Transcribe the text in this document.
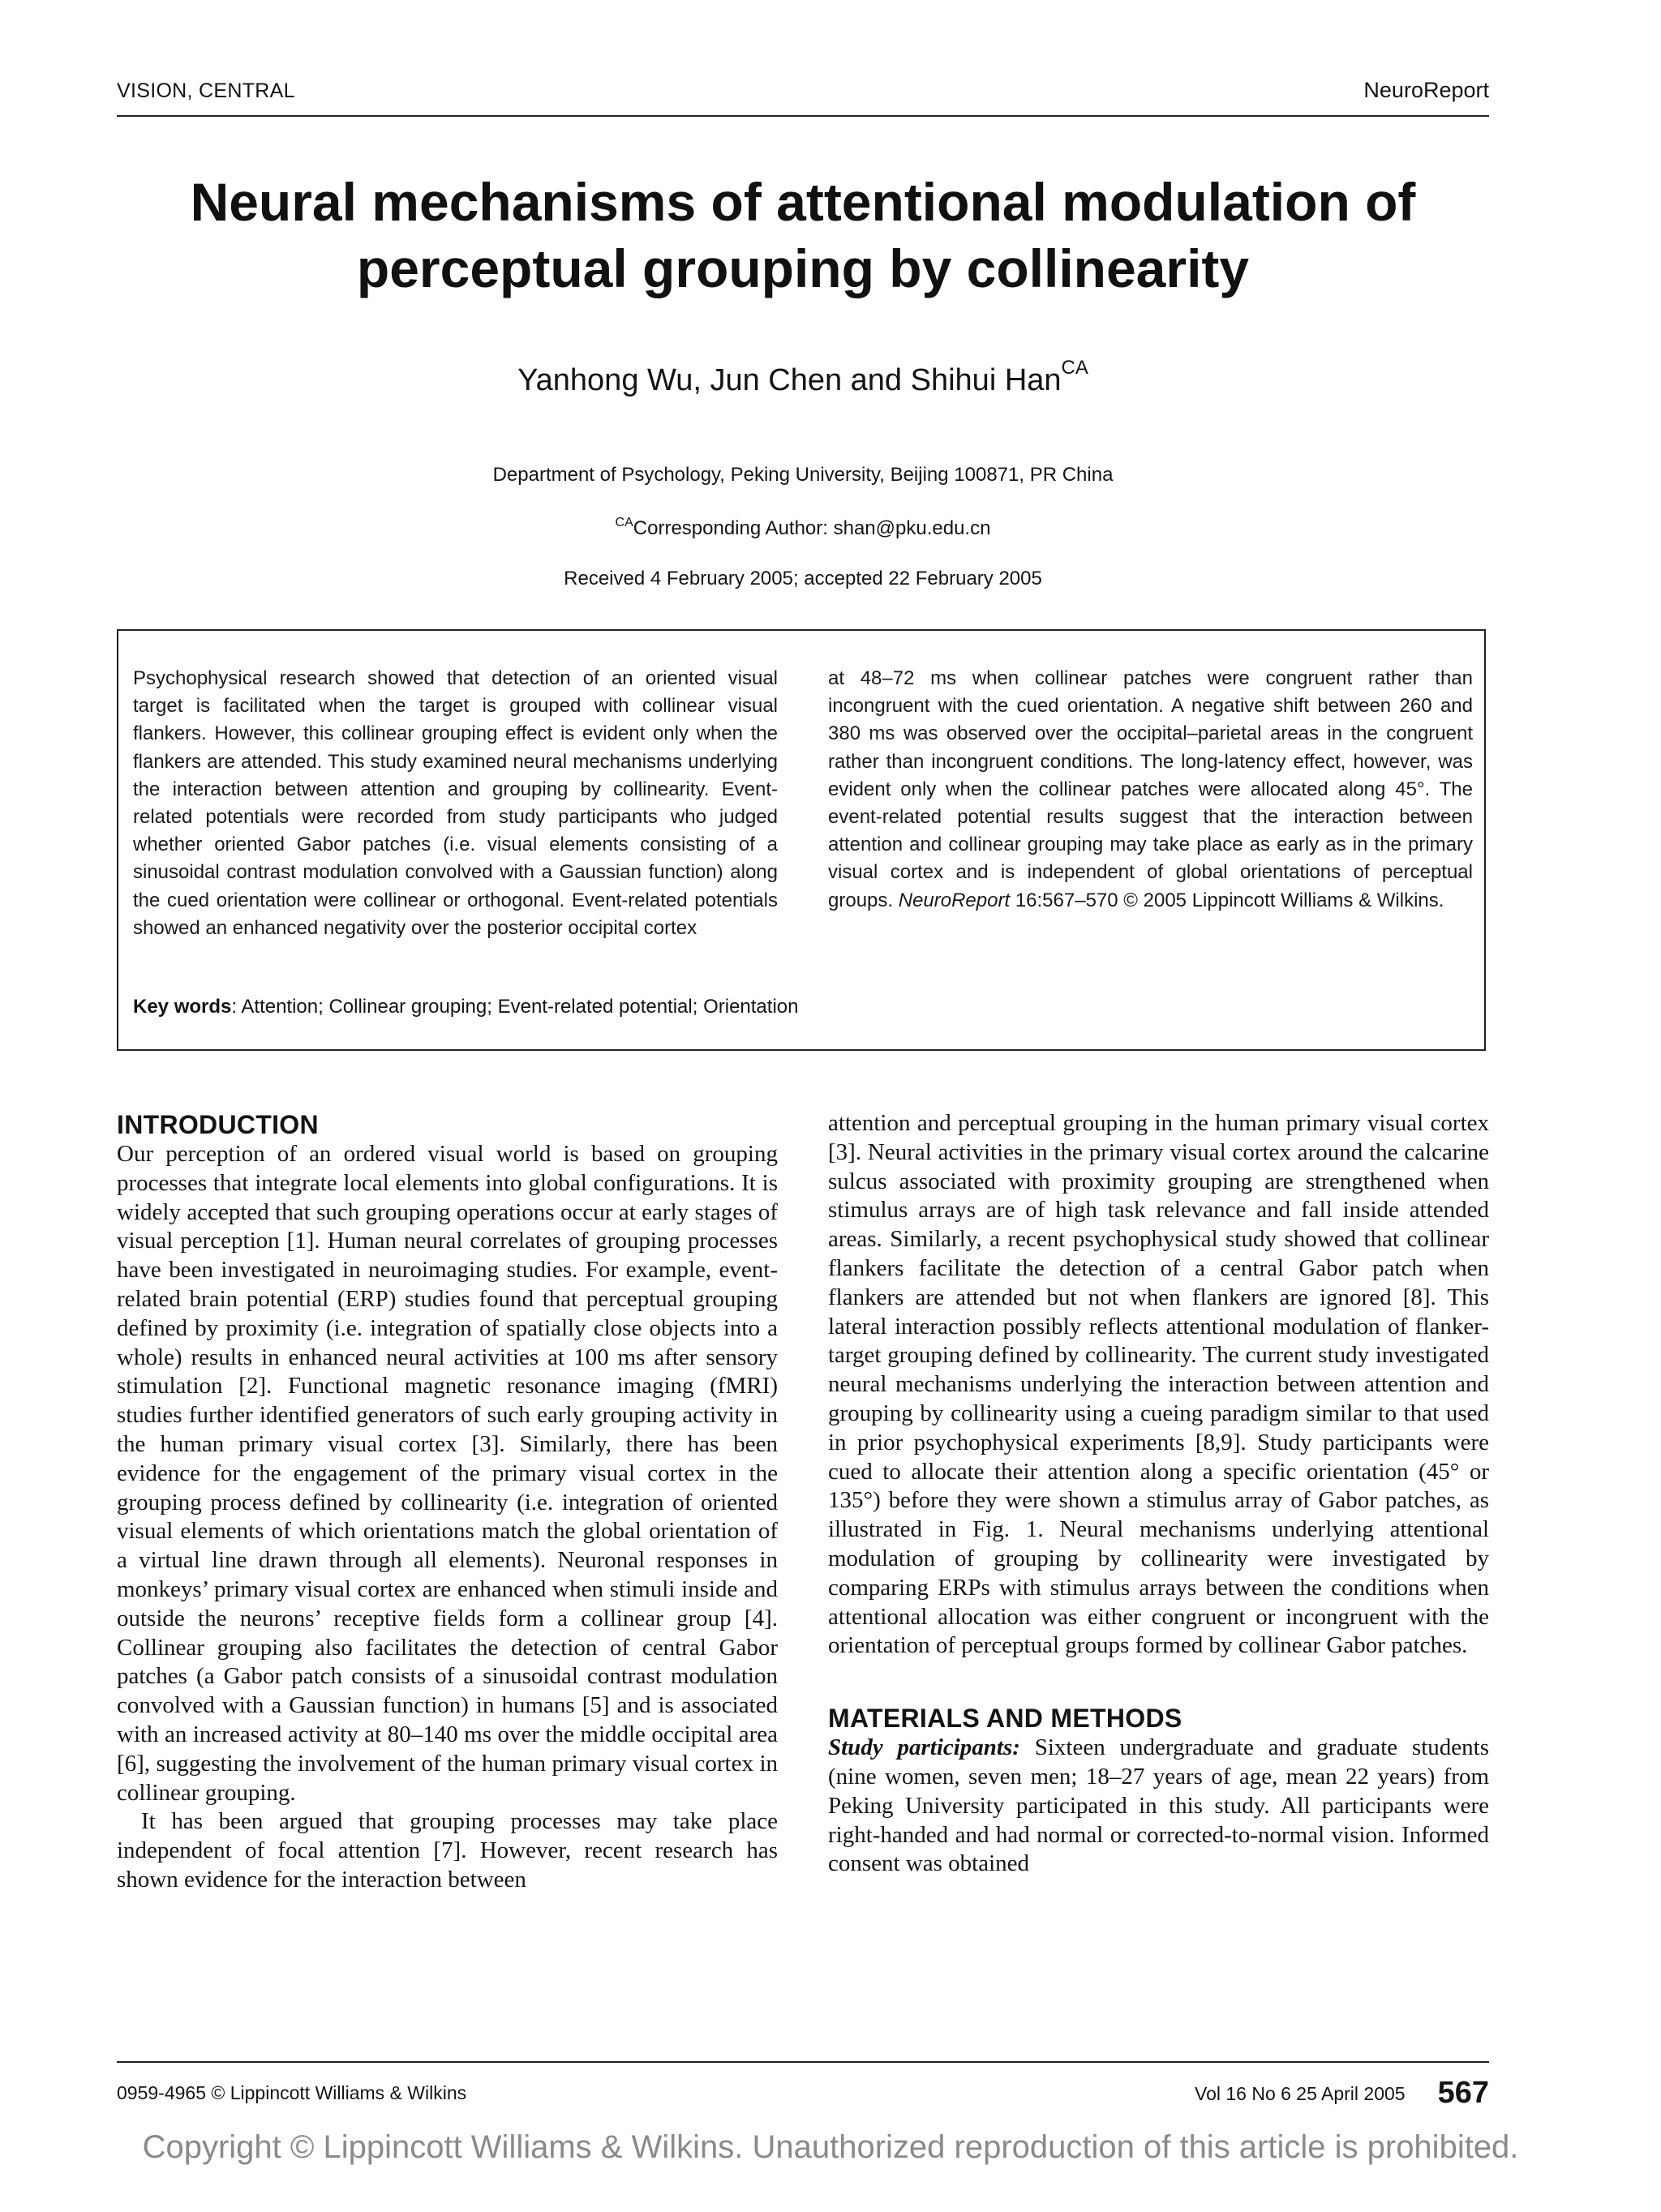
VISION, CENTRAL	NeuroReport
Neural mechanisms of attentional modulation of perceptual grouping by collinearity
Yanhong Wu, Jun Chen and Shihui Han$^{CA}$
Department of Psychology, Peking University, Beijing 100871, PR China
$^{CA}$Corresponding Author: shan@pku.edu.cn
Received 4 February 2005; accepted 22 February 2005
Psychophysical research showed that detection of an oriented visual target is facilitated when the target is grouped with collinear visual flankers. However, this collinear grouping effect is evident only when the flankers are attended. This study examined neural mechanisms underlying the interaction between attention and grouping by collinearity. Event-related potentials were recorded from study participants who judged whether oriented Gabor patches (i.e. visual elements consisting of a sinusoidal contrast modulation convolved with a Gaussian function) along the cued orientation were collinear or orthogonal. Event-related potentials showed an enhanced negativity over the posterior occipital cortex
at 48–72 ms when collinear patches were congruent rather than incongruent with the cued orientation. A negative shift between 260 and 380 ms was observed over the occipital–parietal areas in the congruent rather than incongruent conditions. The long-latency effect, however, was evident only when the collinear patches were allocated along 45°. The event-related potential results suggest that the interaction between attention and collinear grouping may take place as early as in the primary visual cortex and is independent of global orientations of perceptual groups. NeuroReport 16:567–570 © 2005 Lippincott Williams & Wilkins.
Key words: Attention; Collinear grouping; Event-related potential; Orientation
INTRODUCTION

Our perception of an ordered visual world is based on grouping processes that integrate local elements into global configurations. It is widely accepted that such grouping operations occur at early stages of visual perception [1]. Human neural correlates of grouping processes have been investigated in neuroimaging studies. For example, event-related brain potential (ERP) studies found that perceptual grouping defined by proximity (i.e. integration of spatially close objects into a whole) results in enhanced neural activities at 100 ms after sensory stimulation [2]. Functional magnetic resonance imaging (fMRI) studies further identified generators of such early grouping activity in the human primary visual cortex [3]. Similarly, there has been evidence for the engagement of the primary visual cortex in the grouping process defined by collinearity (i.e. integration of oriented visual elements of which orientations match the global orientation of a virtual line drawn through all elements). Neuronal responses in monkeys’ primary visual cortex are enhanced when stimuli inside and outside the neurons’ receptive fields form a collinear group [4]. Collinear grouping also facilitates the detection of central Gabor patches (a Gabor patch consists of a sinusoidal contrast modulation convolved with a Gaussian function) in humans [5] and is associated with an increased activity at 80–140 ms over the middle occipital area [6], suggesting the involvement of the human primary visual cortex in collinear grouping.

It has been argued that grouping processes may take place independent of focal attention [7]. However, recent research has shown evidence for the interaction between

attention and perceptual grouping in the human primary visual cortex [3]. Neural activities in the primary visual cortex around the calcarine sulcus associated with proximity grouping are strengthened when stimulus arrays are of high task relevance and fall inside attended areas. Similarly, a recent psychophysical study showed that collinear flankers facilitate the detection of a central Gabor patch when flankers are attended but not when flankers are ignored [8]. This lateral interaction possibly reflects attentional modulation of flanker-target grouping defined by collinearity. The current study investigated neural mechanisms underlying the interaction between attention and grouping by collinearity using a cueing paradigm similar to that used in prior psychophysical experiments [8,9]. Study participants were cued to allocate their attention along a specific orientation (45° or 135°) before they were shown a stimulus array of Gabor patches, as illustrated in Fig. 1. Neural mechanisms underlying attentional modulation of grouping by collinearity were investigated by comparing ERPs with stimulus arrays between the conditions when attentional allocation was either congruent or incongruent with the orientation of perceptual groups formed by collinear Gabor patches.

MATERIALS AND METHODS

Study participants: Sixteen undergraduate and graduate students (nine women, seven men; 18–27 years of age, mean 22 years) from Peking University participated in this study. All participants were right-handed and had normal or corrected-to-normal vision. Informed consent was obtained

0959-4965 © Lippincott Williams & Wilkins	Vol 16 No 6 25 April 2005 567
Copyright © Lippincott Williams & Wilkins. Unauthorized reproduction of this article is prohibited.
